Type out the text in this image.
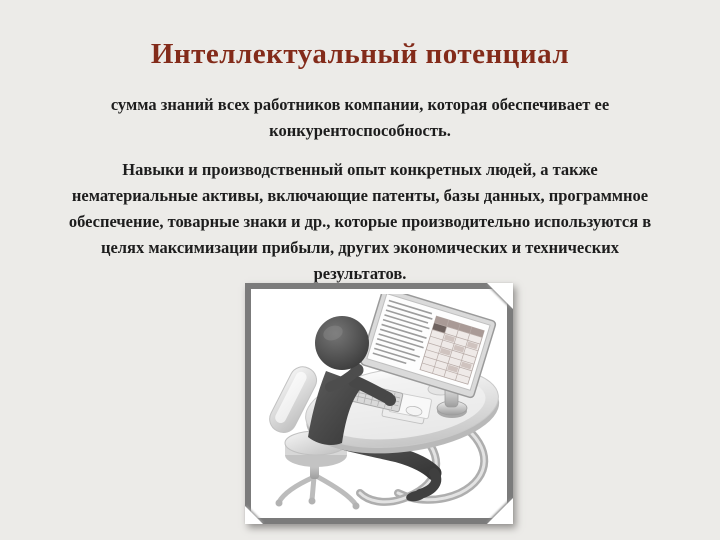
Интеллектуальный потенциал

сумма знаний всех работников компании, которая обеспечивает ее конкурентоспособность.

Навыки и производственный опыт конкретных людей, а также нематериальные активы, включающие патенты, базы данных, программное обеспечение, товарные знаки и др., которые производительно используются в целях максимизации прибыли, других экономических и технических результатов.
